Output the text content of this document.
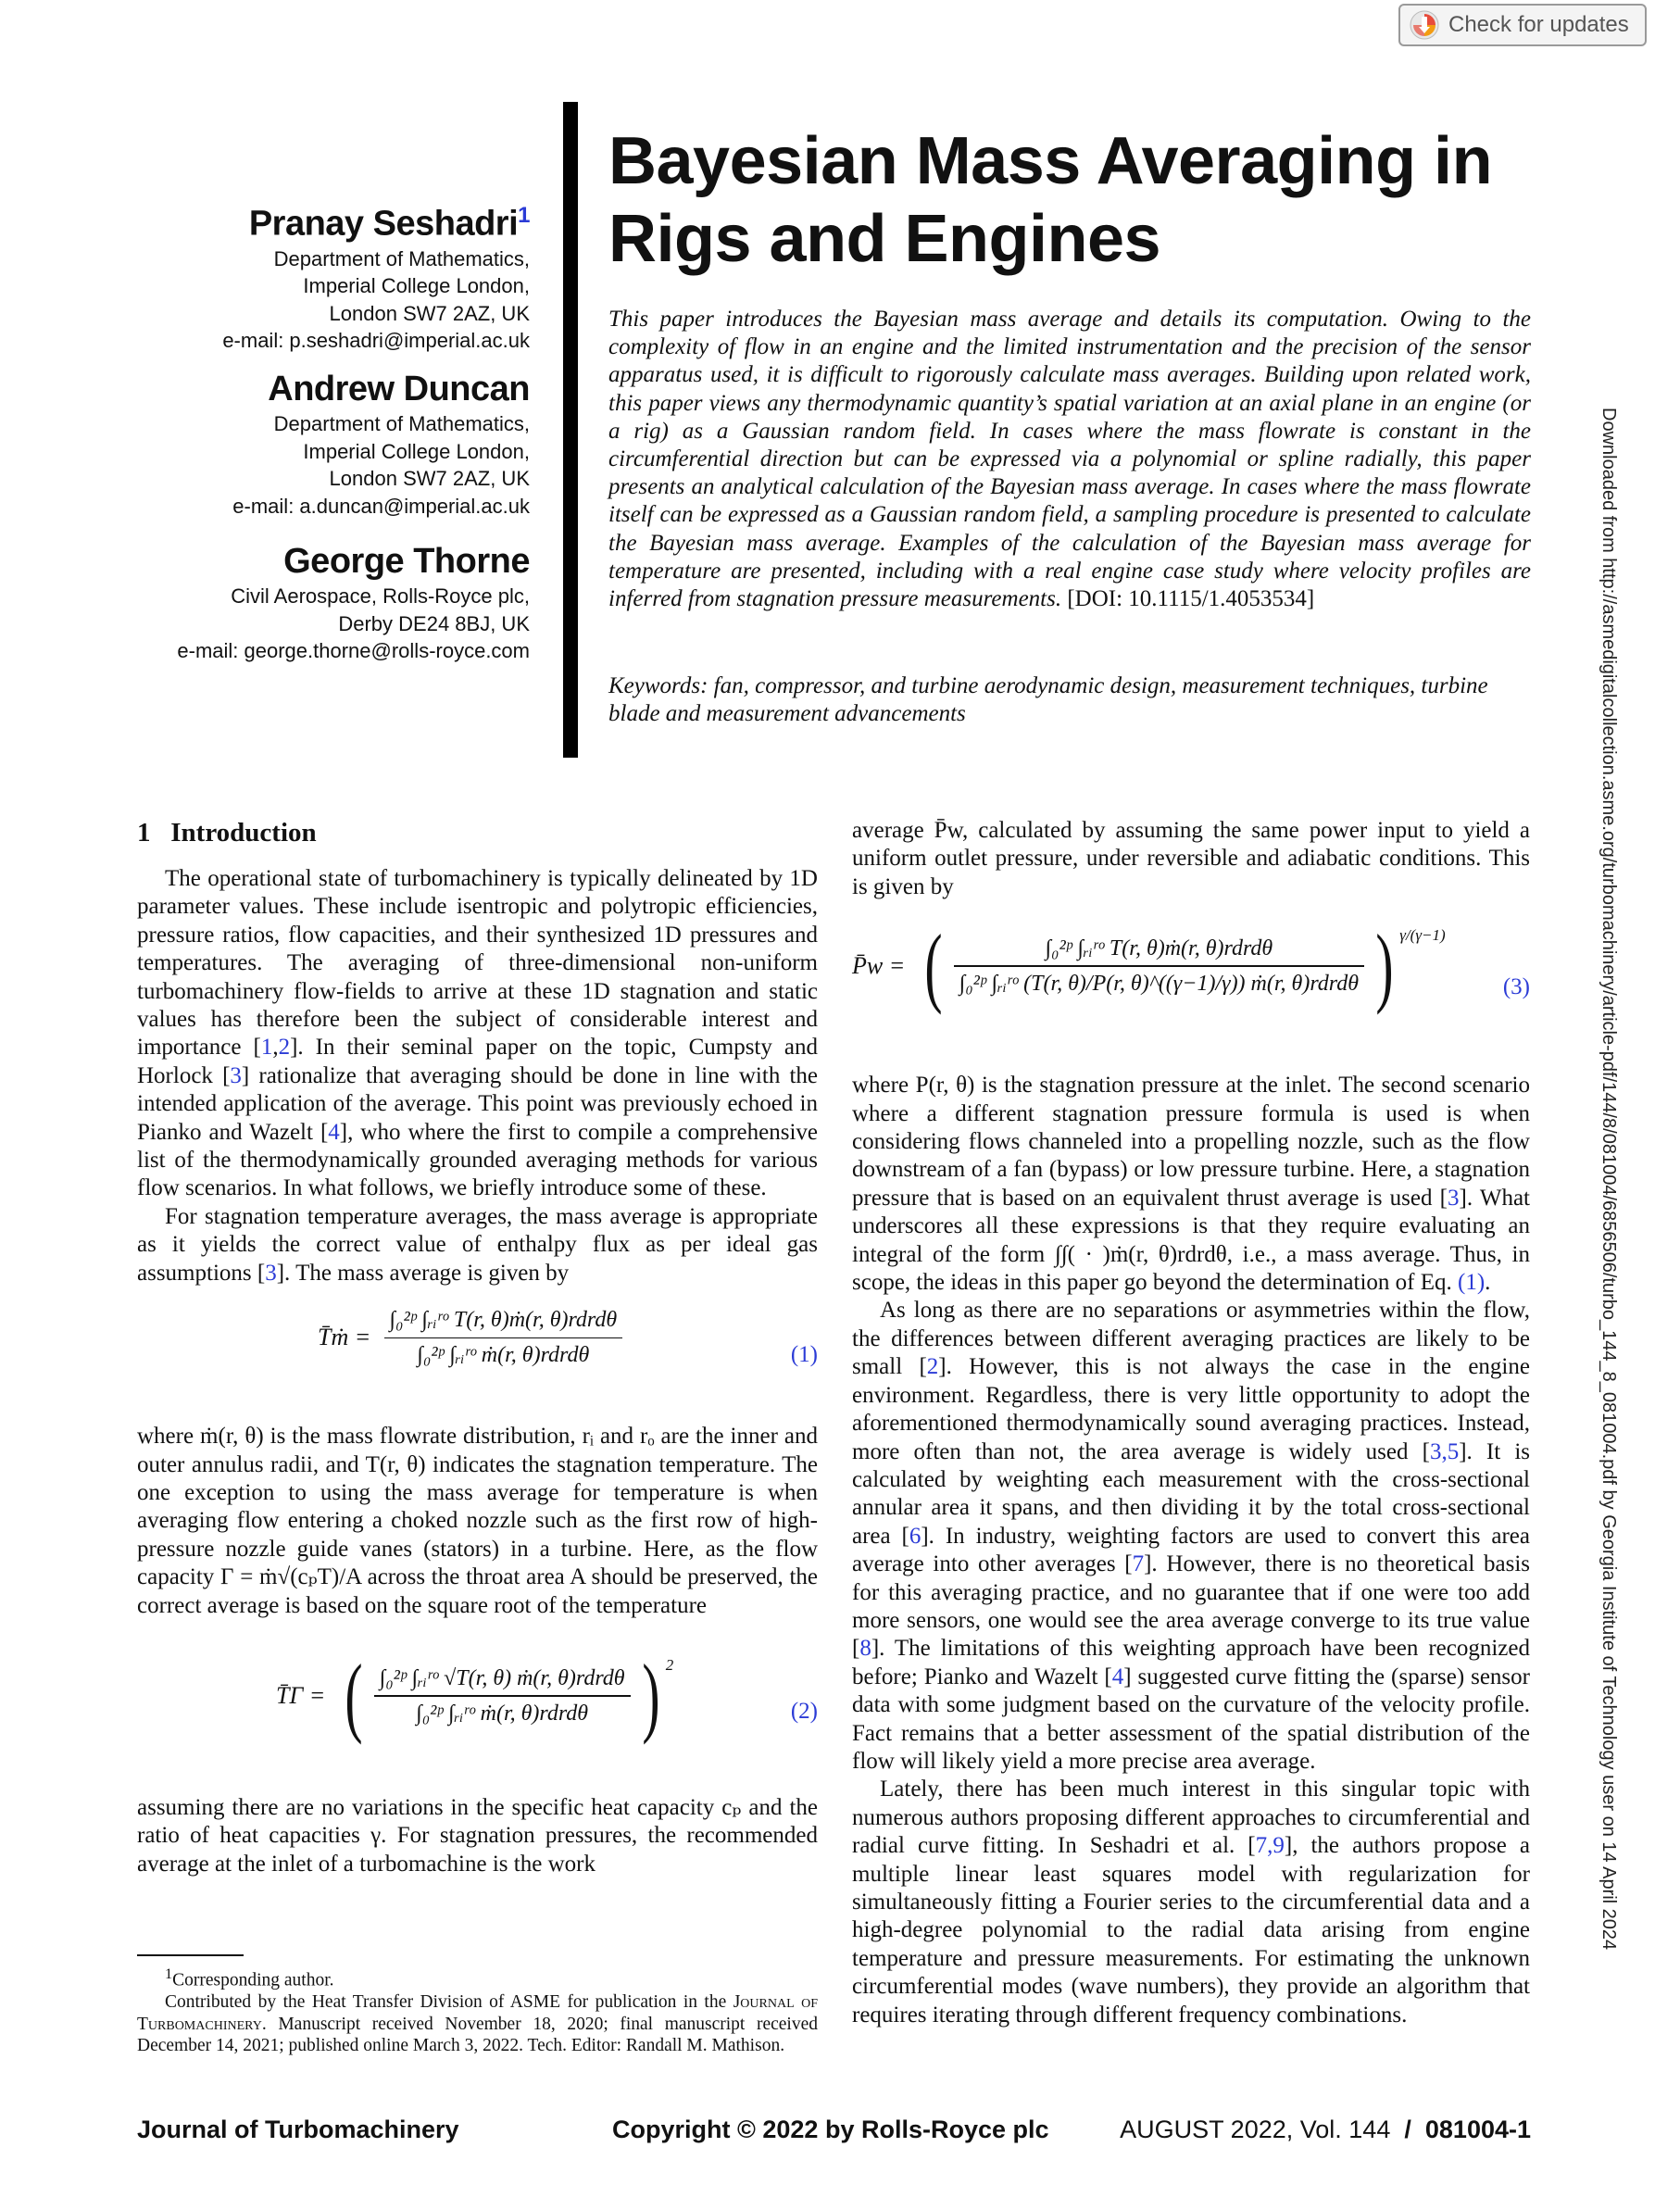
Check for updates
Downloaded from http://asmedigitalcollection.asme.org/turbomachinery/article-pdf/144/8/081004/6856506/turbo_144_8_081004.pdf by Georgia Institute of Technology user on 14 April 2024
Pranay Seshadri$^1$
Department of Mathematics,
Imperial College London,
London SW7 2AZ, UK
e-mail: p.seshadri@imperial.ac.uk
Andrew Duncan
Department of Mathematics,
Imperial College London,
London SW7 2AZ, UK
e-mail: a.duncan@imperial.ac.uk
George Thorne
Civil Aerospace, Rolls-Royce plc,
Derby DE24 8BJ, UK
e-mail: george.thorne@rolls-royce.com
Bayesian Mass Averaging in Rigs and Engines

This paper introduces the Bayesian mass average and details its computation. Owing to the complexity of flow in an engine and the limited instrumentation and the precision of the sensor apparatus used, it is difficult to rigorously calculate mass averages. Building upon related work, this paper views any thermodynamic quantity’s spatial variation at an axial plane in an engine (or a rig) as a Gaussian random field. In cases where the mass flowrate is constant in the circumferential direction but can be expressed via a polynomial or spline radially, this paper presents an analytical calculation of the Bayesian mass average. In cases where the mass flowrate itself can be expressed as a Gaussian random field, a sampling procedure is presented to calculate the Bayesian mass average. Examples of the calculation of the Bayesian mass average for temperature are presented, including with a real engine case study where velocity profiles are inferred from stagnation pressure measurements. [DOI: 10.1115/1.4053534]

Keywords: fan, compressor, and turbine aerodynamic design, measurement techniques, turbine blade and measurement advancements

1 Introduction

The operational state of turbomachinery is typically delineated by 1D parameter values. These include isentropic and polytropic efficiencies, pressure ratios, flow capacities, and their synthesized 1D pressures and temperatures. The averaging of three-dimensional non-uniform turbomachinery flow-fields to arrive at these 1D stagnation and static values has therefore been the subject of considerable interest and importance [1,2]. In their seminal paper on the topic, Cumpsty and Horlock [3] rationalize that averaging should be done in line with the intended application of the average. This point was previously echoed in Pianko and Wazelt [4], who where the first to compile a comprehensive list of the thermodynamically grounded averaging methods for various flow scenarios. In what follows, we briefly introduce some of these.

For stagnation temperature averages, the mass average is appropriate as it yields the correct value of enthalpy flux as per ideal gas assumptions [3]. The mass average is given by

T̄ṁ = $\frac{\text{∫₀²ᵖ ∫ᵣᵢʳᵒ T(r, θ)ṁ(r, θ)rdrdθ}}{\text{∫₀²ᵖ ∫ᵣᵢʳᵒ ṁ(r, θ)rdrdθ}}$	(1)

where ṁ(r, θ) is the mass flowrate distribution, rᵢ and rₒ are the inner and outer annulus radii, and T(r, θ) indicates the stagnation temperature. The one exception to using the mass average for temperature is when averaging flow entering a choked nozzle such as the first row of high-pressure nozzle guide vanes (stators) in a turbine. Here, as the flow capacity Γ = ṁ√(cₚT)/A across the throat area A should be preserved, the correct average is based on the square root of the temperature

T̄Γ = ( $\frac{\text{∫₀²ᵖ ∫ᵣᵢʳᵒ √T(r, θ) ṁ(r, θ)rdrdθ}}{\text{∫₀²ᵖ ∫ᵣᵢʳᵒ ṁ(r, θ)rdrdθ}}$ ) $^2$
(2)

assuming there are no variations in the specific heat capacity cₚ and the ratio of heat capacities γ. For stagnation pressures, the recommended average at the inlet of a turbomachine is the work

$^1$Corresponding author.

Contributed by the Heat Transfer Division of ASME for publication in the Journal of Turbomachinery. Manuscript received November 18, 2020; final manuscript received December 14, 2021; published online March 3, 2022. Tech. Editor: Randall M. Mathison.

average P̄w, calculated by assuming the same power input to yield a uniform outlet pressure, under reversible and adiabatic conditions. This is given by

P̄w = ( $\frac{\text{∫₀²ᵖ ∫ᵣᵢʳᵒ T(r, θ)ṁ(r, θ)rdrdθ}}{\text{∫₀²ᵖ ∫ᵣᵢʳᵒ (T(r, θ)/P(r, θ)\textasciicircum{}((γ−1)/γ)) ṁ(r, θ)rdrdθ}}$ ) $^{\gamma/(\gamma-1)}$
(3)

where P(r, θ) is the stagnation pressure at the inlet. The second scenario where a different stagnation pressure formula is used is when considering flows channeled into a propelling nozzle, such as the flow downstream of a fan (bypass) or low pressure turbine. Here, a stagnation pressure that is based on an equivalent thrust average is used [3]. What underscores all these expressions is that they require evaluating an integral of the form ∫∫( · )ṁ(r, θ)rdrdθ, i.e., a mass average. Thus, in scope, the ideas in this paper go beyond the determination of Eq. (1).

As long as there are no separations or asymmetries within the flow, the differences between different averaging practices are likely to be small [2]. However, this is not always the case in the engine environment. Regardless, there is very little opportunity to adopt the aforementioned thermodynamically sound averaging practices. Instead, more often than not, the area average is widely used [3,5]. It is calculated by weighting each measurement with the cross-sectional annular area it spans, and then dividing it by the total cross-sectional area [6]. In industry, weighting factors are used to convert this area average into other averages [7]. However, there is no theoretical basis for this averaging practice, and no guarantee that if one were too add more sensors, one would see the area average converge to its true value [8]. The limitations of this weighting approach have been recognized before; Pianko and Wazelt [4] suggested curve fitting the (sparse) sensor data with some judgment based on the curvature of the velocity profile. Fact remains that a better assessment of the spatial distribution of the flow will likely yield a more precise area average.

Lately, there has been much interest in this singular topic with numerous authors proposing different approaches to circumferential and radial curve fitting. In Seshadri et al. [7,9], the authors propose a multiple linear least squares model with regularization for simultaneously fitting a Fourier series to the circumferential data and a high-degree polynomial to the radial data arising from engine temperature and pressure measurements. For estimating the unknown circumferential modes (wave numbers), they provide an algorithm that requires iterating through different frequency combinations.

Journal of Turbomachinery	Copyright © 2022 by Rolls-Royce plc	AUGUST 2022, Vol. 144 / 081004-1
